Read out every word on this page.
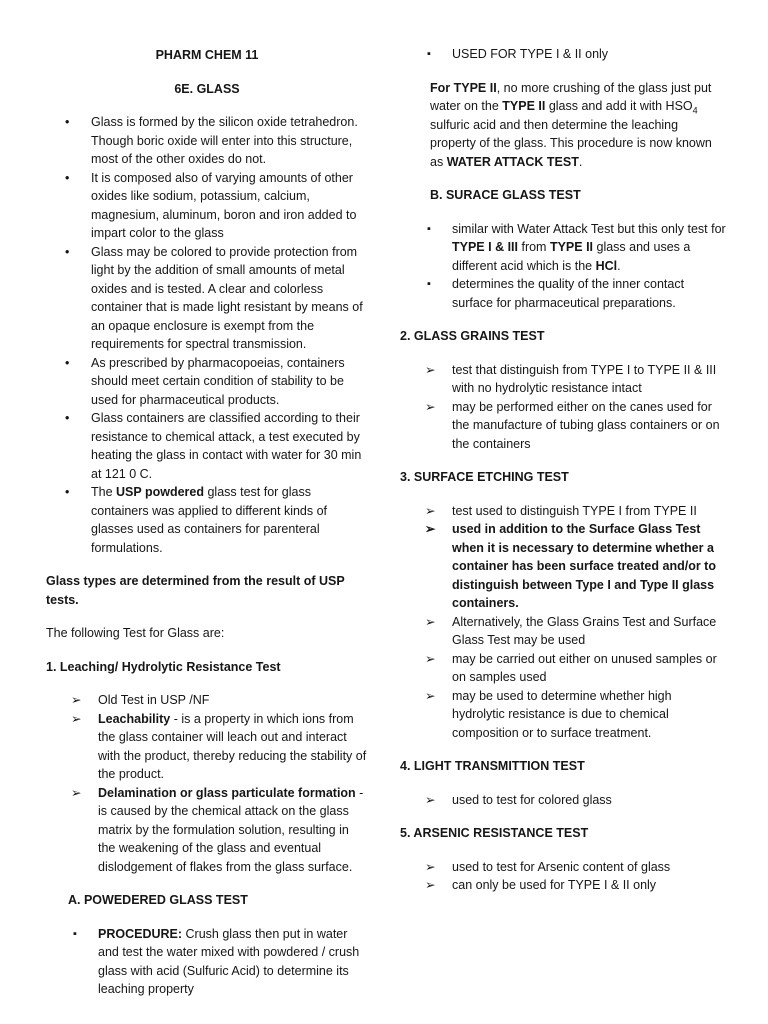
PHARM CHEM 11

6E. GLASS

• Glass is formed by the silicon oxide tetrahedron. Though boric oxide will enter into this structure, most of the other oxides do not.
• It is composed also of varying amounts of other oxides like sodium, potassium, calcium, magnesium, aluminum, boron and iron added to impart color to the glass
• Glass may be colored to provide protection from light by the addition of small amounts of metal oxides and is tested. A clear and colorless container that is made light resistant by means of an opaque enclosure is exempt from the requirements for spectral transmission.
• As prescribed by pharmacopoeias, containers should meet certain condition of stability to be used for pharmaceutical products.
• Glass containers are classified according to their resistance to chemical attack, a test executed by heating the glass in contact with water for 30 min at 121 0 C.
• The USP powdered glass test for glass containers was applied to different kinds of glasses used as containers for parenteral formulations.

Glass types are determined from the result of USP tests.

The following Test for Glass are:

1. Leaching/ Hydrolytic Resistance Test

➢ Old Test in USP /NF
➢ Leachability - is a property in which ions from the glass container will leach out and interact with the product, thereby reducing the stability of the product.
➢ Delamination or glass particulate formation - is caused by the chemical attack on the glass matrix by the formulation solution, resulting in the weakening of the glass and eventual dislodgement of flakes from the glass surface.

A. POWEDERED GLASS TEST

▪ PROCEDURE: Crush glass then put in water and test the water mixed with powdered / crush glass with acid (Sulfuric Acid) to determine its leaching property
▪ USED FOR TYPE I & II only

For TYPE II, no more crushing of the glass just put water on the TYPE II glass and add it with $HSO_4$ sulfuric acid and then determine the leaching property of the glass. This procedure is now known as WATER ATTACK TEST.

B. SURACE GLASS TEST

▪ similar with Water Attack Test but this only test for TYPE I & III from TYPE II glass and uses a different acid which is the HCl.
▪ determines the quality of the inner contact surface for pharmaceutical preparations.

2. GLASS GRAINS TEST

➢ test that distinguish from TYPE I to TYPE II & III with no hydrolytic resistance intact
➢ may be performed either on the canes used for the manufacture of tubing glass containers or on the containers

3. SURFACE ETCHING TEST

➢ test used to distinguish TYPE I from TYPE II
➢ used in addition to the Surface Glass Test when it is necessary to determine whether a container has been surface treated and/or to distinguish between Type I and Type II glass containers.
➢ Alternatively, the Glass Grains Test and Surface Glass Test may be used
➢ may be carried out either on unused samples or on samples used
➢ may be used to determine whether high hydrolytic resistance is due to chemical composition or to surface treatment.

4. LIGHT TRANSMITTION TEST

➢ used to test for colored glass

5. ARSENIC RESISTANCE TEST

➢ used to test for Arsenic content of glass
➢ can only be used for TYPE I & II only
